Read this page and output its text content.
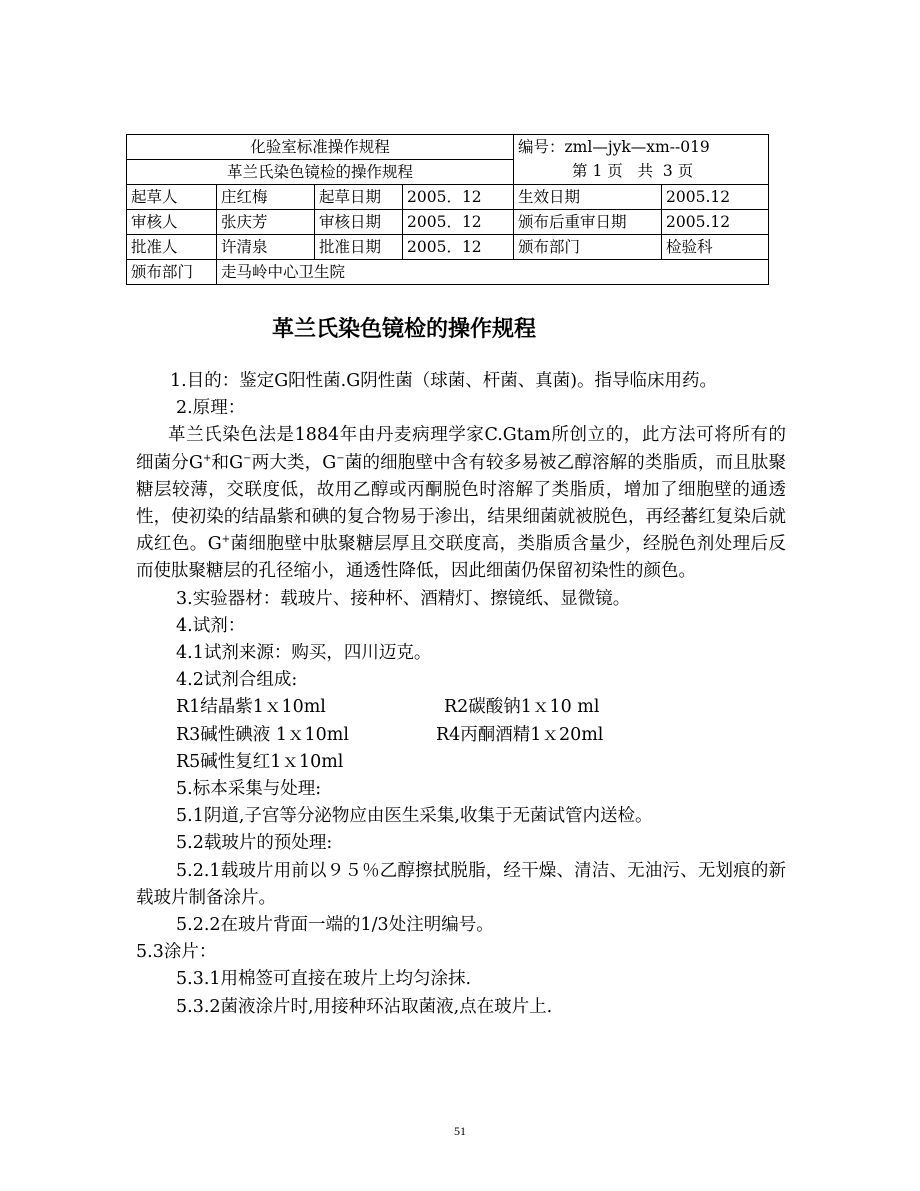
化验室标准操作规程				编号：zml—jyk—xm--019
第 1 页   共  3 页	

革兰氏染色镜检的操作规程					
起草人	庄红梅	起草日期	2005．12	生效日期	2005.12
审核人	张庆芳	审核日期	2005．12	颁布后重审日期	2005.12
批准人	许清泉	批准日期	2005．12	颁布部门	检验科
颁布部门	走马岭中心卫生院				
革兰氏染色镜检的操作规程
1.目的：鉴定G阳性菌.G阴性菌（球菌、杆菌、真菌)。指导临床用药。
2.原理：
革兰氏染色法是1884年由丹麦病理学家C.Gtam所创立的，此方法可将所有的细菌分G+和G−两大类，G−菌的细胞壁中含有较多易被乙醇溶解的类脂质，而且肽聚糖层较薄，交联度低，故用乙醇或丙酮脱色时溶解了类脂质，增加了细胞壁的通透性，使初染的结晶紫和碘的复合物易于渗出，结果细菌就被脱色，再经蕃红复染后就成红色。G+菌细胞壁中肽聚糖层厚且交联度高，类脂质含量少，经脱色剂处理后反而使肽聚糖层的孔径缩小，通透性降低，因此细菌仍保留初染性的颜色。
3.实验器材：载玻片、接种杯、酒精灯、擦镜纸、显微镜。
4.试剂：
4.1试剂来源：购买，四川迈克。
4.2试剂合组成:
R1结晶紫1ｘ10ml	R2碳酸钠1ｘ10 ml
R3碱性碘液 1ｘ10ml	R4丙酮酒精1ｘ20ml
R5碱性复红1ｘ10ml
5.标本采集与处理:
5.1阴道,子宫等分泌物应由医生采集,收集于无菌试管内送检。
5.2载玻片的预处理:
5.2.1载玻片用前以９５％乙醇擦拭脱脂，经干燥、清洁、无油污、无划痕的新载玻片制备涂片。
5.2.2在玻片背面一端的1/3处注明编号。
5.3涂片：
5.3.1用棉签可直接在玻片上均匀涂抹.
5.3.2菌液涂片时,用接种环沾取菌液,点在玻片上.
51
